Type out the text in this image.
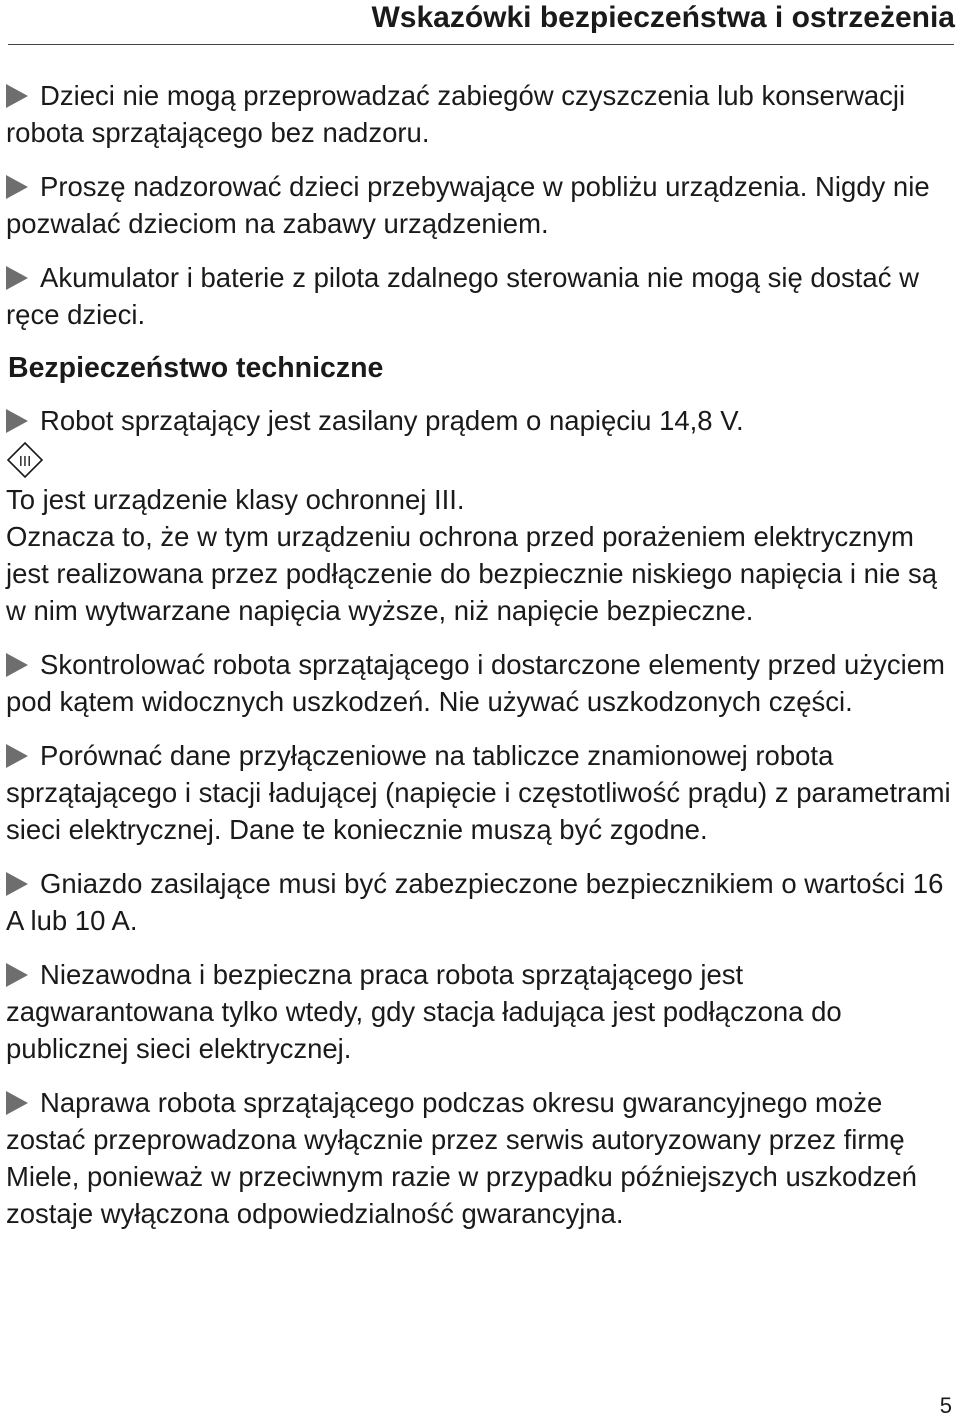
Wskazówki bezpieczeństwa i ostrzeżenia

Dzieci nie mogą przeprowadzać zabiegów czyszczenia lub konserwacji robota sprzątającego bez nadzoru.

Proszę nadzorować dzieci przebywające w pobliżu urządzenia. Nigdy nie pozwalać dzieciom na zabawy urządzeniem.

Akumulator i baterie z pilota zdalnego sterowania nie mogą się dostać w ręce dzieci.

Bezpieczeństwo techniczne

Robot sprzątający jest zasilany prądem o napięciu 14,8 V.

III

To jest urządzenie klasy ochronnej III.

Oznacza to, że w tym urządzeniu ochrona przed porażeniem elektrycznym jest realizowana przez podłączenie do bezpiecznie niskiego napięcia i nie są w nim wytwarzane napięcia wyższe, niż napięcie bezpieczne.

Skontrolować robota sprzątającego i dostarczone elementy przed użyciem pod kątem widocznych uszkodzeń. Nie używać uszkodzonych części.

Porównać dane przyłączeniowe na tabliczce znamionowej robota sprzątającego i stacji ładującej (napięcie i częstotliwość prądu) z parametrami sieci elektrycznej. Dane te koniecznie muszą być zgodne.

Gniazdo zasilające musi być zabezpieczone bezpiecznikiem o wartości 16 A lub 10 A.

Niezawodna i bezpieczna praca robota sprzątającego jest zagwarantowana tylko wtedy, gdy stacja ładująca jest podłączona do publicznej sieci elektrycznej.

Naprawa robota sprzątającego podczas okresu gwarancyjnego może zostać przeprowadzona wyłącznie przez serwis autoryzowany przez firmę Miele, ponieważ w przeciwnym razie w przypadku późniejszych uszkodzeń zostaje wyłączona odpowiedzialność gwarancyjna.

5
